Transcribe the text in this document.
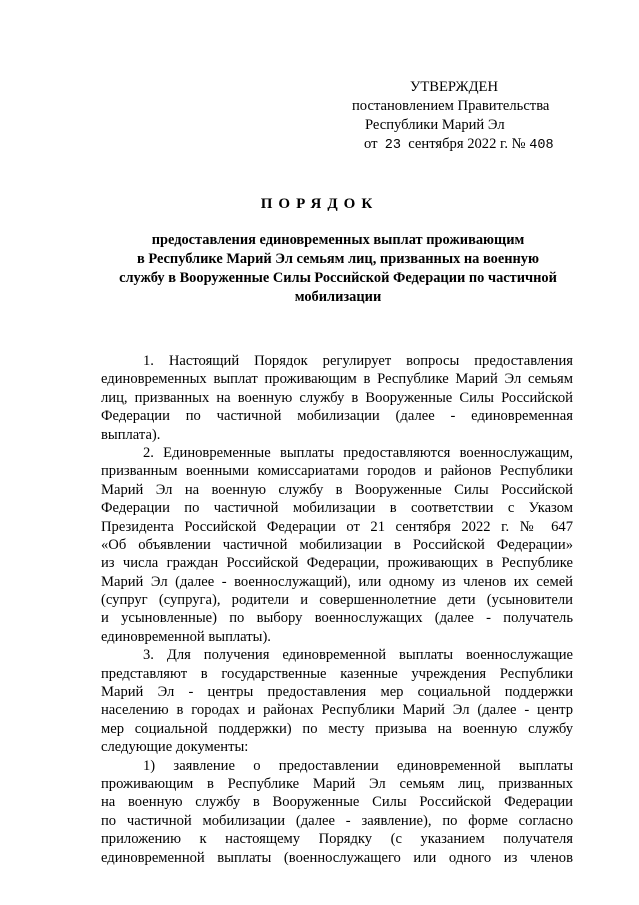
УТВЕРЖДЕН
постановлением Правительства
Республики Марий Эл
от 23 сентября 2022 г. № 408
ПОРЯДОК
предоставления единовременных выплат проживающим
в Республике Марий Эл семьям лиц, призванных на военную
службу в Вооруженные Силы Российской Федерации по частичной
мобилизации
1. Настоящий Порядок регулирует вопросы предоставления
единовременных выплат проживающим в Республике Марий Эл семьям
лиц, призванных на военную службу в Вооруженные Силы Российской
Федерации по частичной мобилизации (далее - единовременная
выплата).
2. Единовременные выплаты предоставляются военнослужащим,
призванным военными комиссариатами городов и районов Республики
Марий Эл на военную службу в Вооруженные Силы Российской
Федерации по частичной мобилизации в соответствии с Указом
Президента Российской Федерации от 21 сентября 2022 г. № 647
«Об объявлении частичной мобилизации в Российской Федерации»
из числа граждан Российской Федерации, проживающих в Республике
Марий Эл (далее - военнослужащий), или одному из членов их семей
(супруг (супруга), родители и совершеннолетние дети (усыновители
и усыновленные) по выбору военнослужащих (далее - получатель
единовременной выплаты).
3. Для получения единовременной выплаты военнослужащие
представляют в государственные казенные учреждения Республики
Марий Эл - центры предоставления мер социальной поддержки
населению в городах и районах Республики Марий Эл (далее - центр
мер социальной поддержки) по месту призыва на военную службу
следующие документы:
1) заявление о предоставлении единовременной выплаты
проживающим в Республике Марий Эл семьям лиц, призванных
на военную службу в Вооруженные Силы Российской Федерации
по частичной мобилизации (далее - заявление), по форме согласно
приложению к настоящему Порядку (с указанием получателя
единовременной выплаты (военнослужащего или одного из членов
